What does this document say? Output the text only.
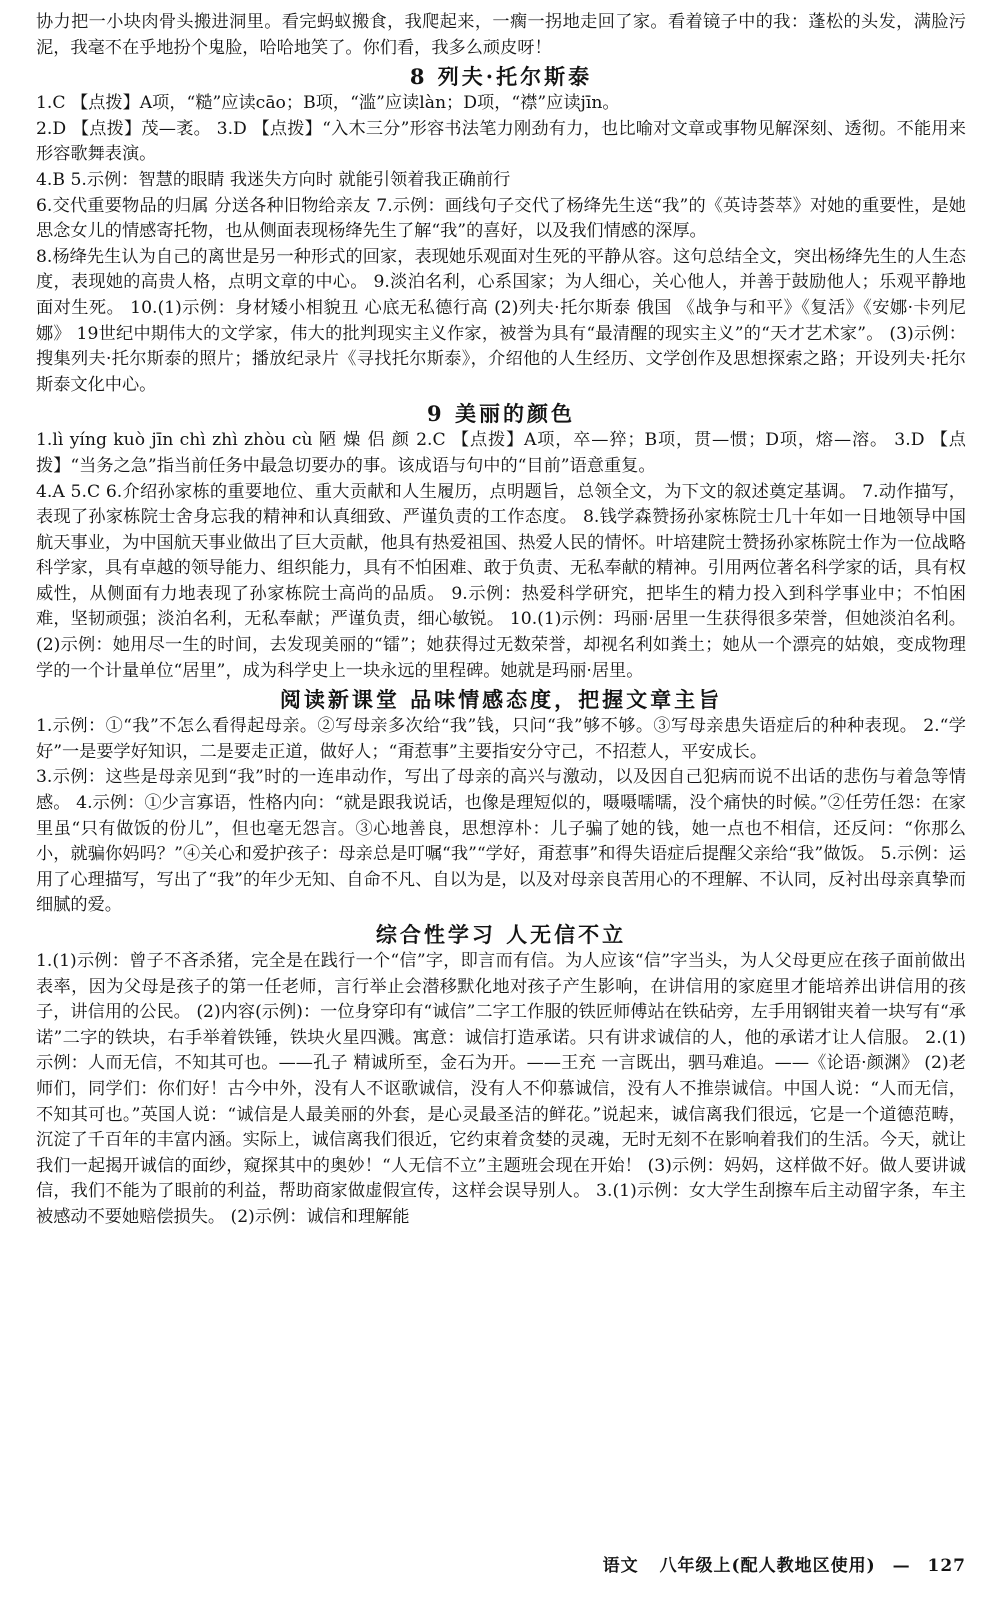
协力把一小块肉骨头搬进洞里。看完蚂蚁搬食，我爬起来，一瘸一拐地走回了家。看着镜子中的我：蓬松的头发，满脸污泥，我毫不在乎地扮个鬼脸，哈哈地笑了。你们看，我多么顽皮呀！

8 列夫·托尔斯泰

1.C 【点拨】A项，“糙”应读cāo；B项，“滥”应读làn；D项，“襟”应读jīn。

2.D 【点拨】茂—袤。 3.D 【点拨】“入木三分”形容书法笔力刚劲有力，也比喻对文章或事物见解深刻、透彻。不能用来形容歌舞表演。

4.B 5.示例：智慧的眼睛 我迷失方向时 就能引领着我正确前行

6.交代重要物品的归属 分送各种旧物给亲友 7.示例：画线句子交代了杨绛先生送“我”的《英诗荟萃》对她的重要性，是她思念女儿的情感寄托物，也从侧面表现杨绛先生了解“我”的喜好，以及我们情感的深厚。

8.杨绛先生认为自己的离世是另一种形式的回家，表现她乐观面对生死的平静从容。这句总结全文，突出杨绛先生的人生态度，表现她的高贵人格，点明文章的中心。 9.淡泊名利，心系国家；为人细心，关心他人，并善于鼓励他人；乐观平静地面对生死。 10.(1)示例：身材矮小相貌丑 心底无私德行高 (2)列夫·托尔斯泰 俄国 《战争与和平》《复活》《安娜·卡列尼娜》 19世纪中期伟大的文学家，伟大的批判现实主义作家，被誉为具有“最清醒的现实主义”的“天才艺术家”。 (3)示例：搜集列夫·托尔斯泰的照片；播放纪录片《寻找托尔斯泰》，介绍他的人生经历、文学创作及思想探索之路；开设列夫·托尔斯泰文化中心。

9 美丽的颜色

1.lì yíng kuò jīn chì zhì zhòu cù 陋 燥 侣 颜 2.C 【点拨】A项，卒—猝；B项，贯—惯；D项，熔—溶。 3.D 【点拨】“当务之急”指当前任务中最急切要办的事。该成语与句中的“目前”语意重复。

4.A 5.C 6.介绍孙家栋的重要地位、重大贡献和人生履历，点明题旨，总领全文，为下文的叙述奠定基调。 7.动作描写，表现了孙家栋院士舍身忘我的精神和认真细致、严谨负责的工作态度。 8.钱学森赞扬孙家栋院士几十年如一日地领导中国航天事业，为中国航天事业做出了巨大贡献，他具有热爱祖国、热爱人民的情怀。叶培建院士赞扬孙家栋院士作为一位战略科学家，具有卓越的领导能力、组织能力，具有不怕困难、敢于负责、无私奉献的精神。引用两位著名科学家的话，具有权威性，从侧面有力地表现了孙家栋院士高尚的品质。 9.示例：热爱科学研究，把毕生的精力投入到科学事业中；不怕困难，坚韧顽强；淡泊名利，无私奉献；严谨负责，细心敏锐。 10.(1)示例：玛丽·居里一生获得很多荣誉，但她淡泊名利。 (2)示例：她用尽一生的时间，去发现美丽的“镭”；她获得过无数荣誉，却视名利如粪土；她从一个漂亮的姑娘，变成物理学的一个计量单位“居里”，成为科学史上一块永远的里程碑。她就是玛丽·居里。

阅读新课堂 品味情感态度，把握文章主旨

1.示例：①“我”不怎么看得起母亲。②写母亲多次给“我”钱，只问“我”够不够。③写母亲患失语症后的种种表现。 2.“学好”一是要学好知识，二是要走正道，做好人；“甭惹事”主要指安分守己，不招惹人，平安成长。

3.示例：这些是母亲见到“我”时的一连串动作，写出了母亲的高兴与激动，以及因自己犯病而说不出话的悲伤与着急等情感。 4.示例：①少言寡语，性格内向：“就是跟我说话，也像是理短似的，嗫嗫嚅嚅，没个痛快的时候。”②任劳任怨：在家里虽“只有做饭的份儿”，但也毫无怨言。③心地善良，思想淳朴：儿子骗了她的钱，她一点也不相信，还反问：“你那么小，就骗你妈吗？”④关心和爱护孩子：母亲总是叮嘱“我”“学好，甭惹事”和得失语症后提醒父亲给“我”做饭。 5.示例：运用了心理描写，写出了“我”的年少无知、自命不凡、自以为是，以及对母亲良苦用心的不理解、不认同，反衬出母亲真挚而细腻的爱。

综合性学习 人无信不立

1.(1)示例：曾子不吝杀猪，完全是在践行一个“信”字，即言而有信。为人应该“信”字当头，为人父母更应在孩子面前做出表率，因为父母是孩子的第一任老师，言行举止会潜移默化地对孩子产生影响，在讲信用的家庭里才能培养出讲信用的孩子，讲信用的公民。 (2)内容(示例)：一位身穿印有“诚信”二字工作服的铁匠师傅站在铁砧旁，左手用钢钳夹着一块写有“承诺”二字的铁块，右手举着铁锤，铁块火星四溅。寓意：诚信打造承诺。只有讲求诚信的人，他的承诺才让人信服。 2.(1)示例：人而无信，不知其可也。——孔子 精诚所至，金石为开。——王充 一言既出，驷马难追。——《论语·颜渊》 (2)老师们，同学们：你们好！古今中外，没有人不讴歌诚信，没有人不仰慕诚信，没有人不推崇诚信。中国人说：“人而无信，不知其可也。”英国人说：“诚信是人最美丽的外套，是心灵最圣洁的鲜花。”说起来，诚信离我们很远，它是一个道德范畴，沉淀了千百年的丰富内涵。实际上，诚信离我们很近，它约束着贪婪的灵魂，无时无刻不在影响着我们的生活。今天，就让我们一起揭开诚信的面纱，窥探其中的奥妙！“人无信不立”主题班会现在开始！ (3)示例：妈妈，这样做不好。做人要讲诚信，我们不能为了眼前的利益，帮助商家做虚假宣传，这样会误导别人。 3.(1)示例：女大学生刮擦车后主动留字条，车主被感动不要她赔偿损失。 (2)示例：诚信和理解能

语文 八年级上(配人教地区使用) — 127
